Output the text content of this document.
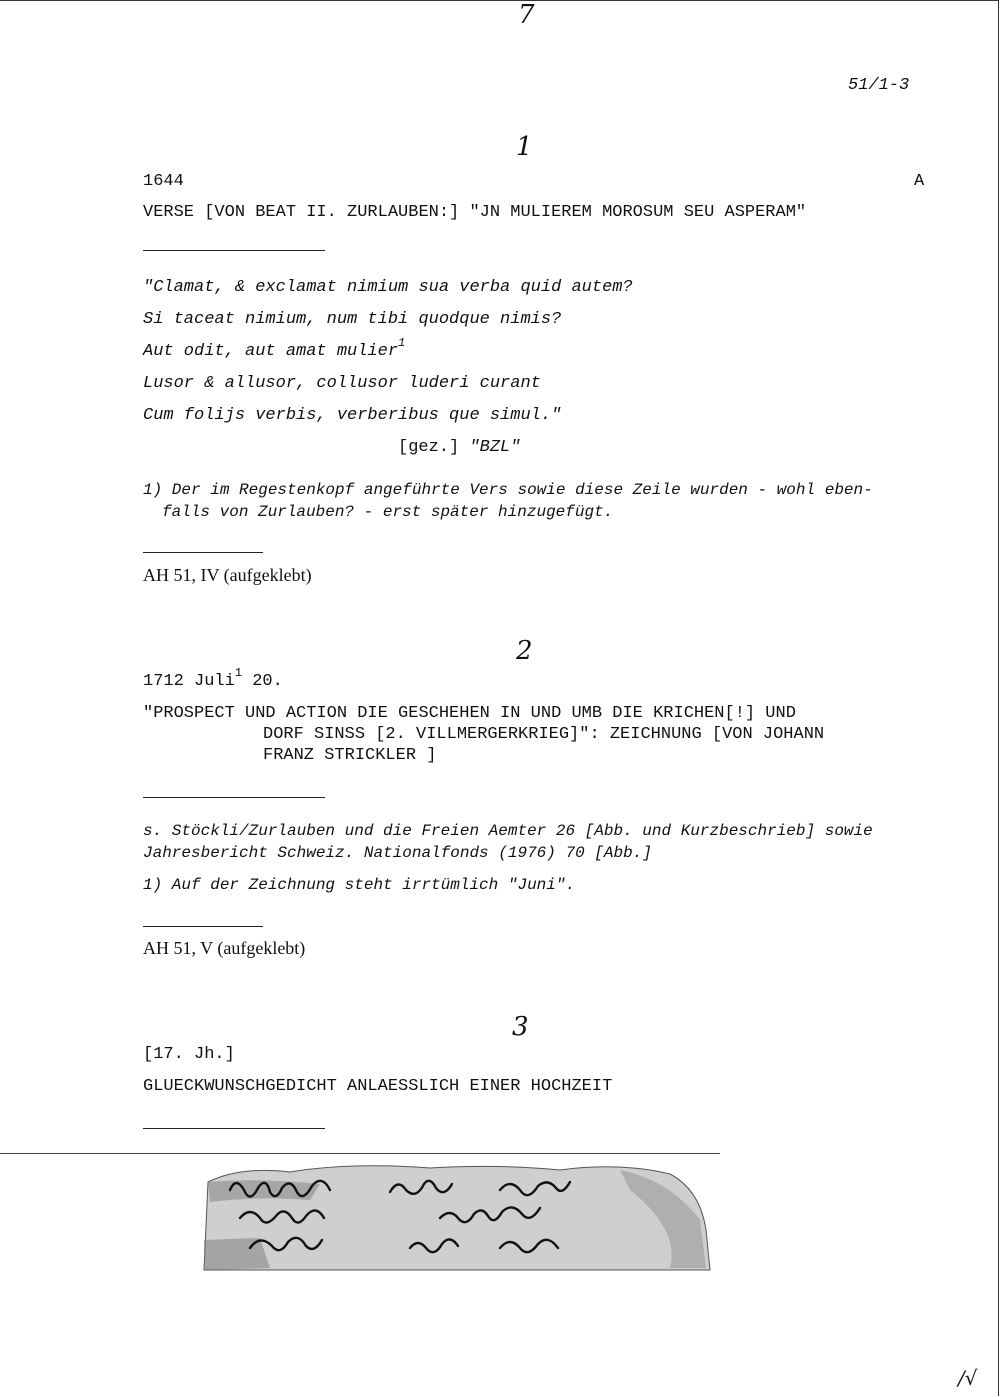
7
51/1-3
1
1644	A
VERSE [VON BEAT II. ZURLAUBEN:] "JN MULIEREM MOROSUM SEU ASPERAM"
"Clamat, & exclamat nimium sua verba quid autem?
Si taceat nimium, num tibi quodque nimis?
Aut odit, aut amat mulier$^1$
Lusor & allusor, collusor luderi curant
Cum folijs verbis, verberibus que simul."
[gez.] "BZL"
1) Der im Regestenkopf angeführte Vers sowie diese Zeile wurden - wohl eben-
falls von Zurlauben? - erst später hinzugefügt.
AH 51, IV (aufgeklebt)
2
1712 Juli$^1$ 20.
"PROSPECT UND ACTION DIE GESCHEHEN IN UND UMB DIE KRICHEN[!] UND
DORF SINSS [2. VILLMERGERKRIEG]": ZEICHNUNG [VON JOHANN
FRANZ STRICKLER ]
s. Stöckli/Zurlauben und die Freien Aemter 26 [Abb. und Kurzbeschrieb] sowie
Jahresbericht Schweiz. Nationalfonds (1976) 70 [Abb.]
1) Auf der Zeichnung steht irrtümlich "Juni".
AH 51, V (aufgeklebt)
3
[17. Jh.]
GLUECKWUNSCHGEDICHT ANLAESSLICH EINER HOCHZEIT
/√
